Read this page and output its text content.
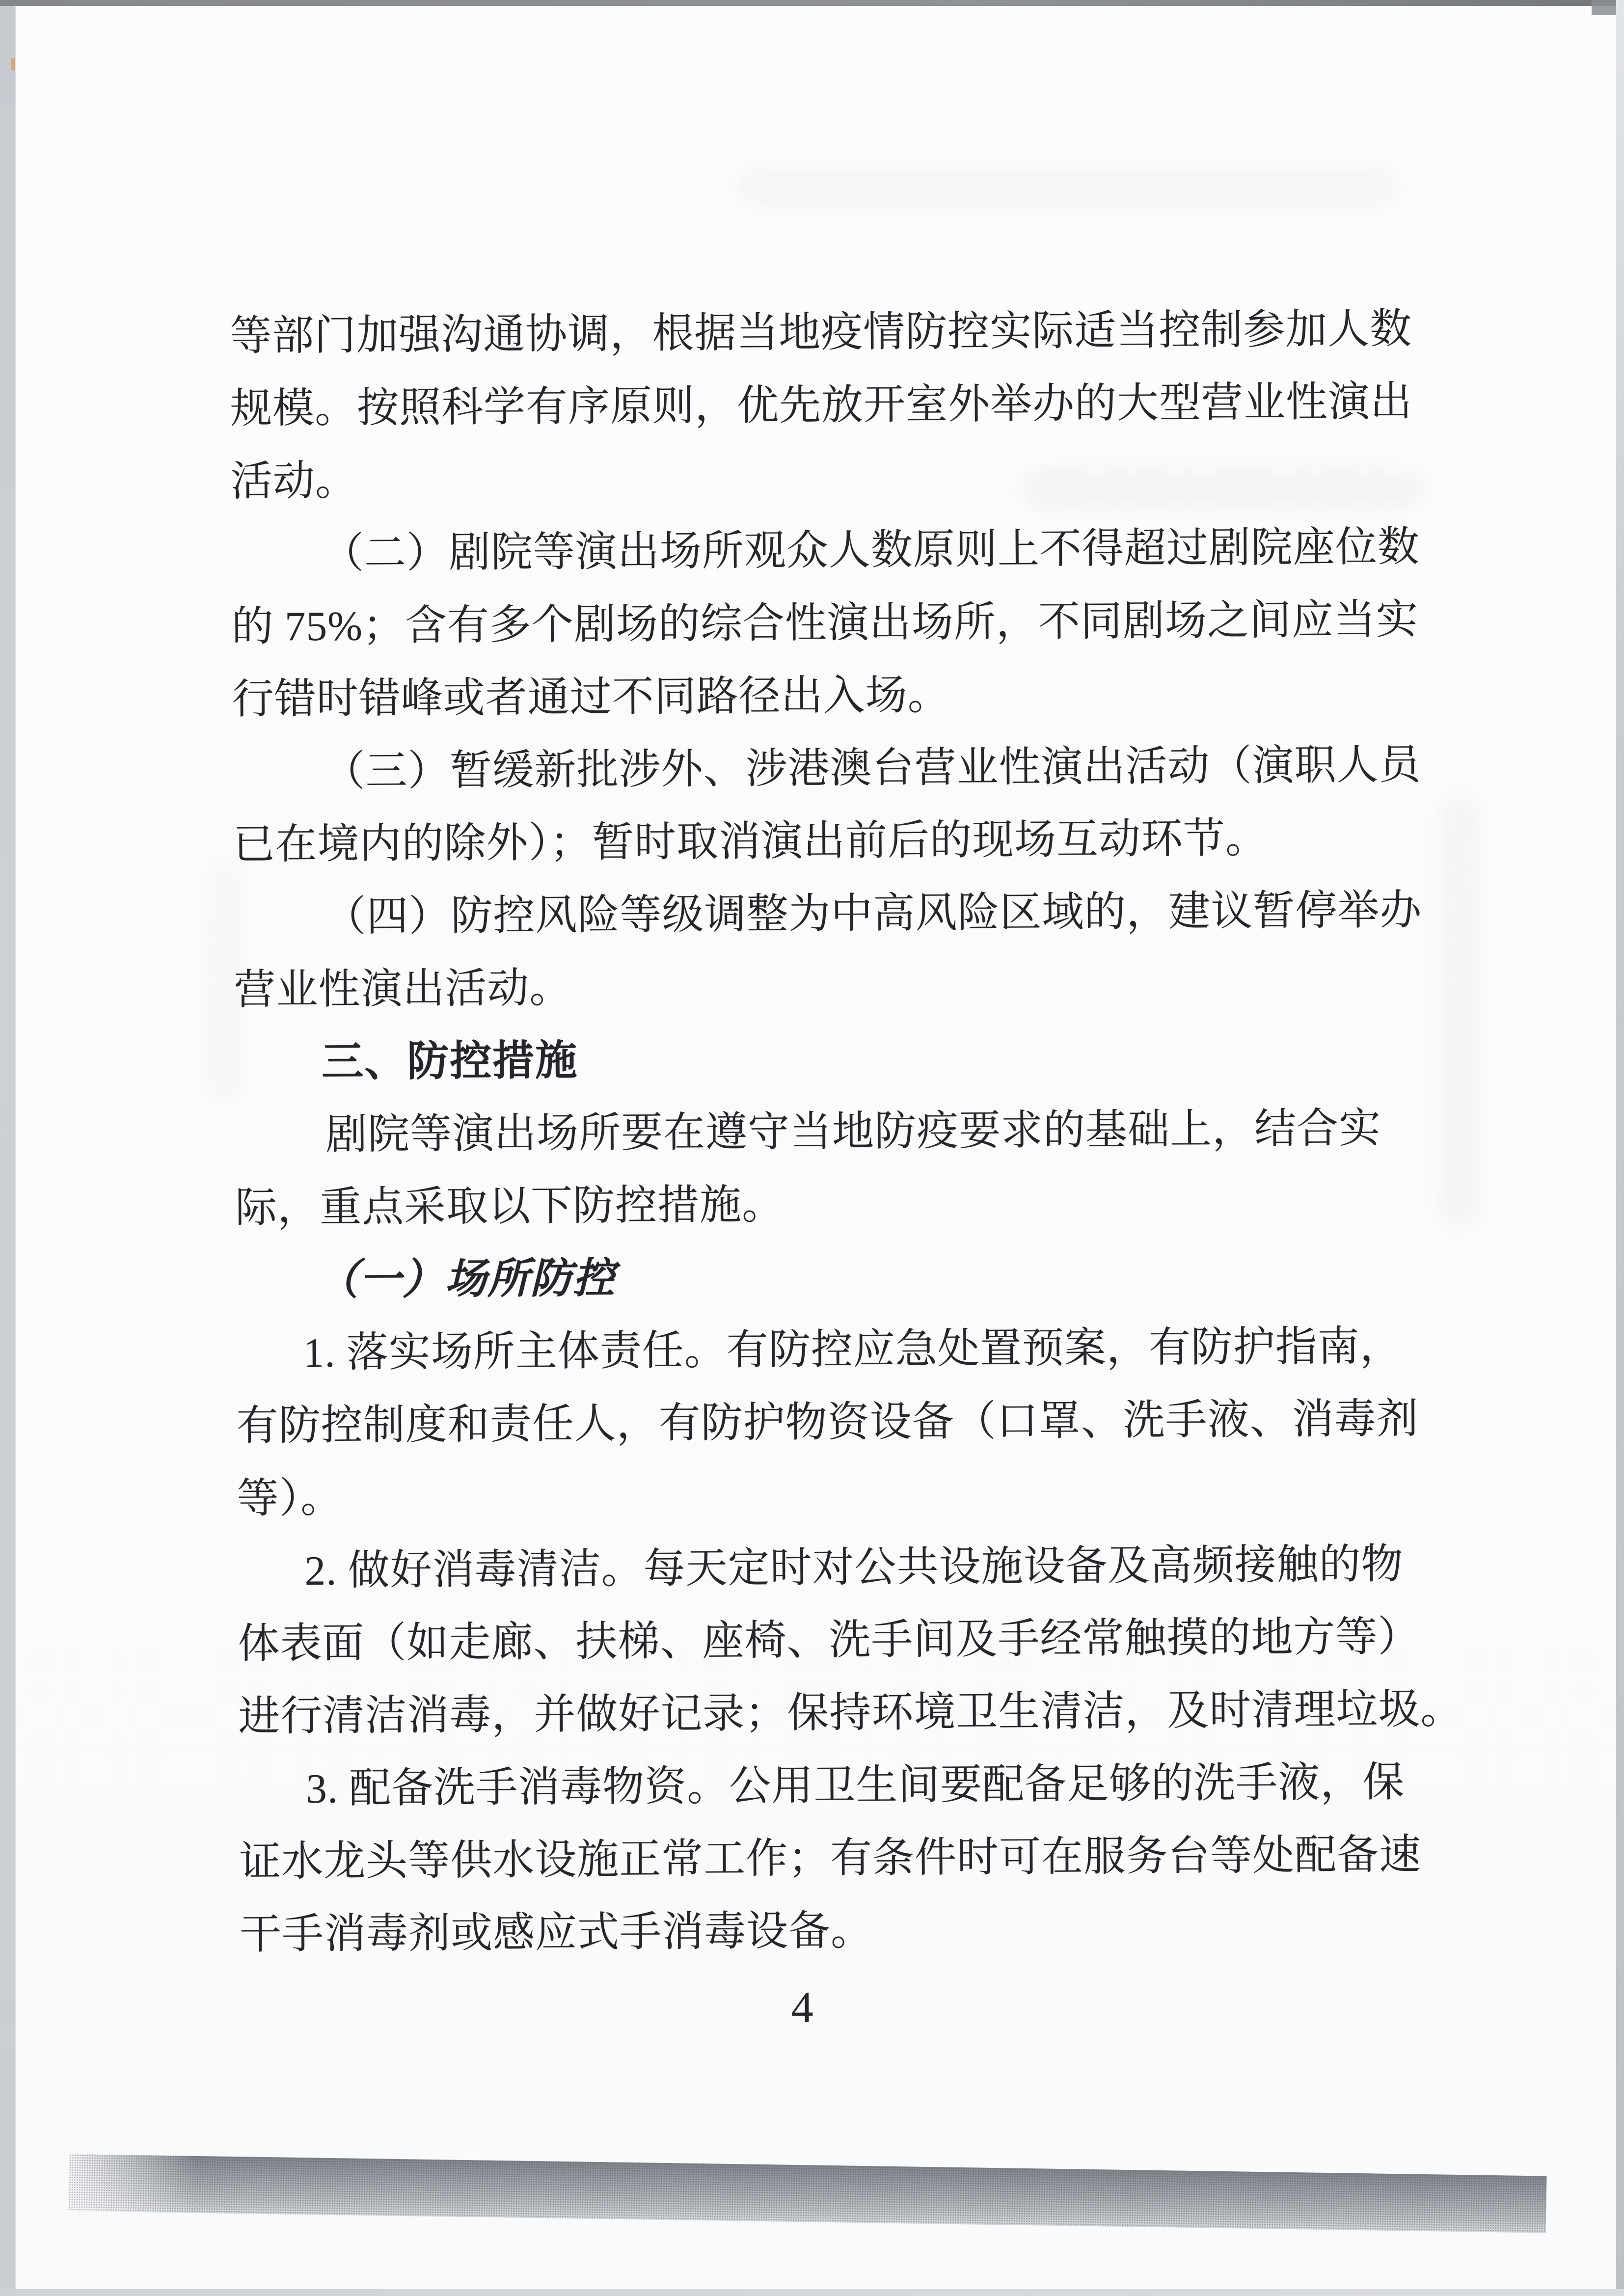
等部门加强沟通协调，根据当地疫情防控实际适当控制参加人数
规模。按照科学有序原则，优先放开室外举办的大型营业性演出
活动。
（二）剧院等演出场所观众人数原则上不得超过剧院座位数
的 75%；含有多个剧场的综合性演出场所，不同剧场之间应当实
行错时错峰或者通过不同路径出入场。
（三）暂缓新批涉外、涉港澳台营业性演出活动（演职人员
已在境内的除外）；暂时取消演出前后的现场互动环节。
（四）防控风险等级调整为中高风险区域的，建议暂停举办
营业性演出活动。
三、防控措施
剧院等演出场所要在遵守当地防疫要求的基础上，结合实
际，重点采取以下防控措施。
（一）场所防控
1. 落实场所主体责任。有防控应急处置预案，有防护指南，
有防控制度和责任人，有防护物资设备（口罩、洗手液、消毒剂
等）。
2. 做好消毒清洁。每天定时对公共设施设备及高频接触的物
体表面（如走廊、扶梯、座椅、洗手间及手经常触摸的地方等）
进行清洁消毒，并做好记录；保持环境卫生清洁，及时清理垃圾。
3. 配备洗手消毒物资。公用卫生间要配备足够的洗手液，保
证水龙头等供水设施正常工作；有条件时可在服务台等处配备速
干手消毒剂或感应式手消毒设备。
4
